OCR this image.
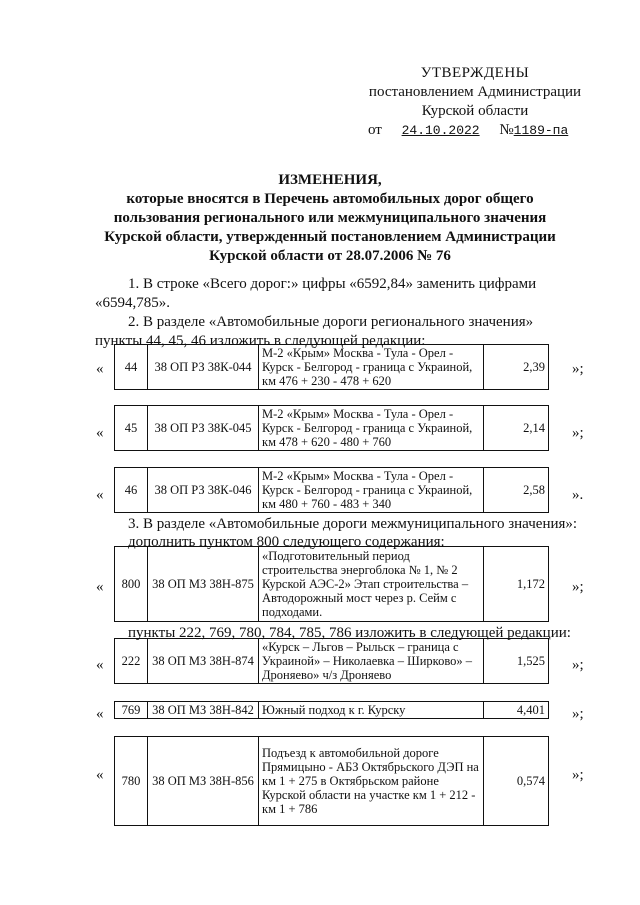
УТВЕРЖДЕНЫ
постановлением Администрации
Курской области
от 24.10.2022 №1189-па
ИЗМЕНЕНИЯ,
которые вносятся в Перечень автомобильных дорог общего
пользования регионального или межмуниципального значения
Курской области, утвержденный постановлением Администрации
Курской области от 28.07.2006 № 76
1. В строке «Всего дорог:» цифры «6592,84» заменить цифрами
«6594,785».
2. В разделе «Автомобильные дороги регионального значения»
пункты 44, 45, 46 изложить в следующей редакции:
« 44	38 ОП РЗ 38К-044	М-2 «Крым» Москва - Тула - Орел - Курск - Белгород - граница с Украиной, км 476 + 230 - 478 + 620	2,39 »;
« 45	38 ОП РЗ 38К-045	М-2 «Крым» Москва - Тула - Орел - Курск - Белгород - граница с Украиной, км 478 + 620 - 480 + 760	2,14 »;
« 46	38 ОП РЗ 38К-046	М-2 «Крым» Москва - Тула - Орел - Курск - Белгород - граница с Украиной, км 480 + 760 - 483 + 340	2,58 ».
3. В разделе «Автомобильные дороги межмуниципального значения»:
дополнить пунктом 800 следующего содержания:
« 800	38 ОП МЗ 38Н-875	«Подготовительный период строительства энергоблока № 1, № 2 Курской АЭС-2» Этап строительства – Автодорожный мост через р. Сейм с подходами.	1,172 »;
пункты 222, 769, 780, 784, 785, 786 изложить в следующей редакции:
« 222	38 ОП МЗ 38Н-874	«Курск – Льгов – Рыльск – граница с Украиной» – Николаевка – Ширково» – Дроняево» ч/з Дроняево	1,525 »;
« 769	38 ОП МЗ 38Н-842	Южный подход к г. Курску	4,401 »;
« 780	38 ОП МЗ 38Н-856	Подъезд к автомобильной дороге Прямицыно - АБЗ Октябрьского ДЭП на км 1 + 275 в Октябрьском районе Курской области на участке км 1 + 212 - км 1 + 786	0,574 »;
